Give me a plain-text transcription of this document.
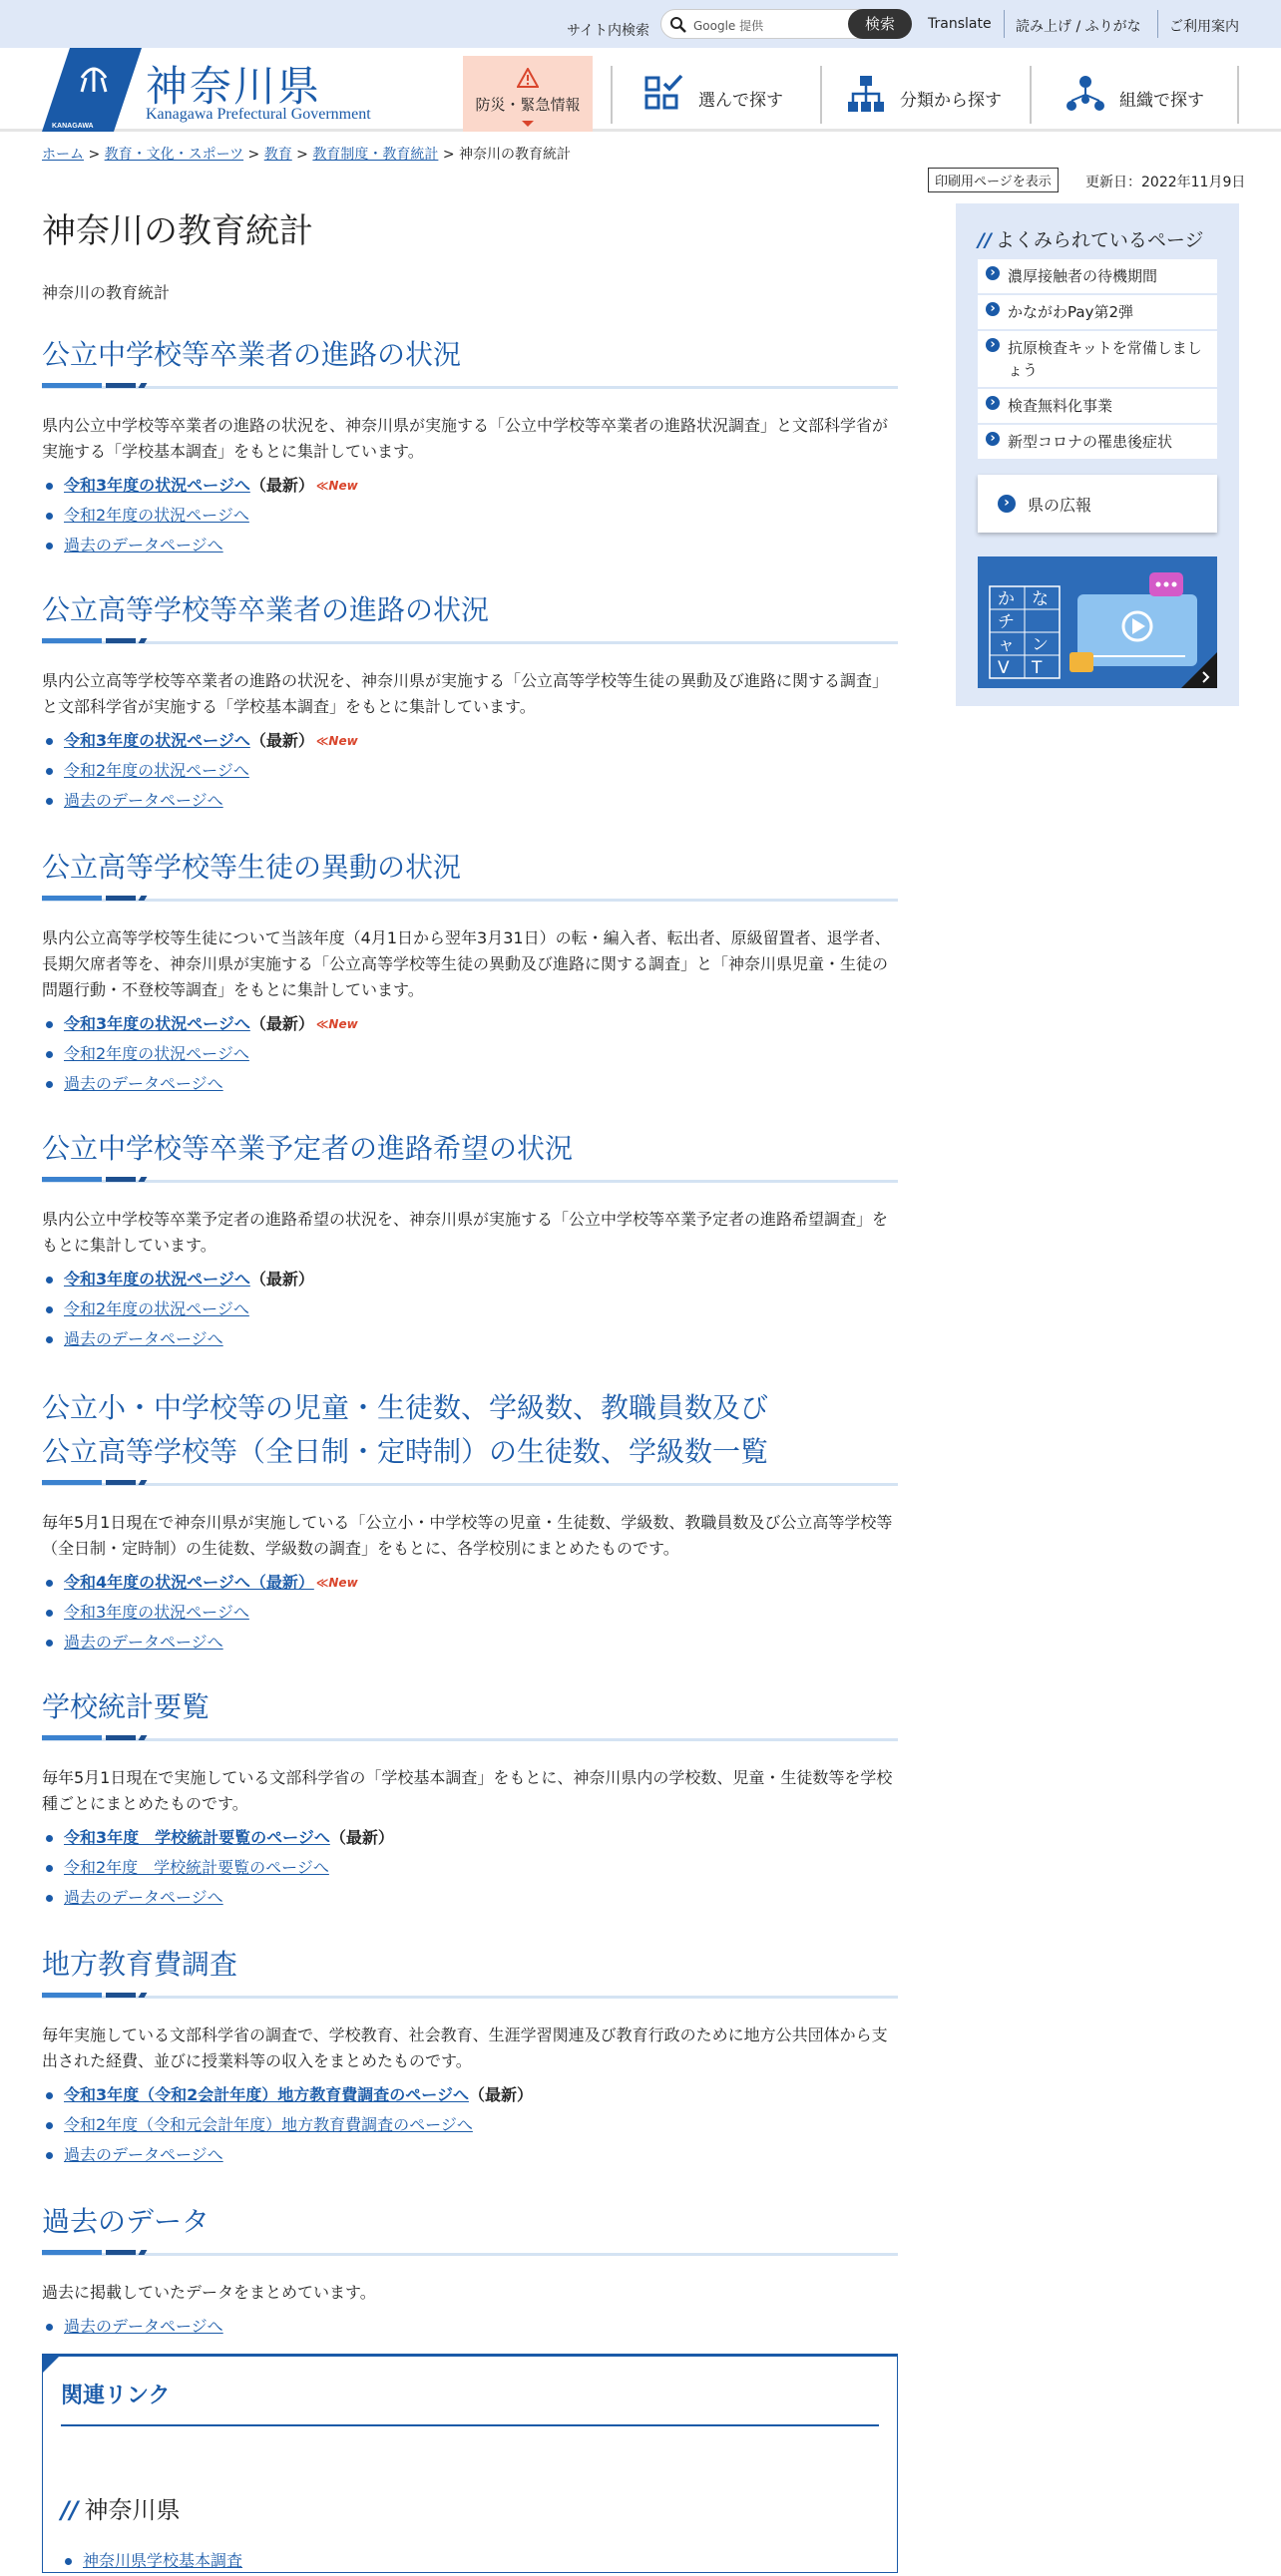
サイト内検索	Google 提供	検索	Translate 読み上げ / ふりがな ご利用案内
KANAGAWA
神奈川県
Kanagawa Prefectural Government
防災・緊急情報	選んで探す	分類から探す	組織で探す
ホーム > 教育・文化・スポーツ > 教育 > 教育制度・教育統計 > 神奈川の教育統計
印刷用ページを表示	更新日：2022年11月9日
神奈川の教育統計

神奈川の教育統計

公立中学校等卒業者の進路の状況

県内公立中学校等卒業者の進路の状況を、神奈川県が実施する「公立中学校等卒業者の進路状況調査」と文部科学省が実施する「学校基本調査」をもとに集計しています。

令和3年度の状況ページへ（最新） ≪New
令和2年度の状況ページへ
過去のデータページへ
公立高等学校等卒業者の進路の状況

県内公立高等学校等卒業者の進路の状況を、神奈川県が実施する「公立高等学校等生徒の異動及び進路に関する調査」と文部科学省が実施する「学校基本調査」をもとに集計しています。

令和3年度の状況ページへ（最新） ≪New
令和2年度の状況ページへ
過去のデータページへ
公立高等学校等生徒の異動の状況

県内公立高等学校等生徒について当該年度（4月1日から翌年3月31日）の転・編入者、転出者、原級留置者、退学者、長期欠席者等を、神奈川県が実施する「公立高等学校等生徒の異動及び進路に関する調査」と「神奈川県児童・生徒の問題行動・不登校等調査」をもとに集計しています。

令和3年度の状況ページへ（最新） ≪New
令和2年度の状況ページへ
過去のデータページへ
公立中学校等卒業予定者の進路希望の状況

県内公立中学校等卒業予定者の進路希望の状況を、神奈川県が実施する「公立中学校等卒業予定者の進路希望調査」をもとに集計しています。

令和3年度の状況ページへ（最新）
令和2年度の状況ページへ
過去のデータページへ
公立小・中学校等の児童・生徒数、学級数、教職員数及び
公立高等学校等（全日制・定時制）の生徒数、学級数一覧

毎年5月1日現在で神奈川県が実施している「公立小・中学校等の児童・生徒数、学級数、教職員数及び公立高等学校等（全日制・定時制）の生徒数、学級数の調査」をもとに、各学校別にまとめたものです。

令和4年度の状況ページへ（最新） ≪New
令和3年度の状況ページへ
過去のデータページへ
学校統計要覧

毎年5月1日現在で実施している文部科学省の「学校基本調査」をもとに、神奈川県内の学校数、児童・生徒数等を学校種ごとにまとめたものです。

令和3年度　学校統計要覧のページへ（最新）
令和2年度　学校統計要覧のページへ
過去のデータページへ
地方教育費調査

毎年実施している文部科学省の調査で、学校教育、社会教育、生涯学習関連及び教育行政のために地方公共団体から支出された経費、並びに授業料等の収入をまとめたものです。

令和3年度（令和2会計年度）地方教育費調査のページへ（最新）
令和2年度（令和元会計年度）地方教育費調査のページへ
過去のデータページへ
過去のデータ

過去に掲載していたデータをまとめています。

過去のデータページへ
関連リンク
// 神奈川県
神奈川県学校基本調査
// よくみられているページ
› 濃厚接触者の待機期間
› かながわPay第2弾
› 抗原検査キットを常備しましょう
› 検査無料化事業
› 新型コロナの罹患後症状
›	県の広報
か な
チ
ャ ン
T
V
